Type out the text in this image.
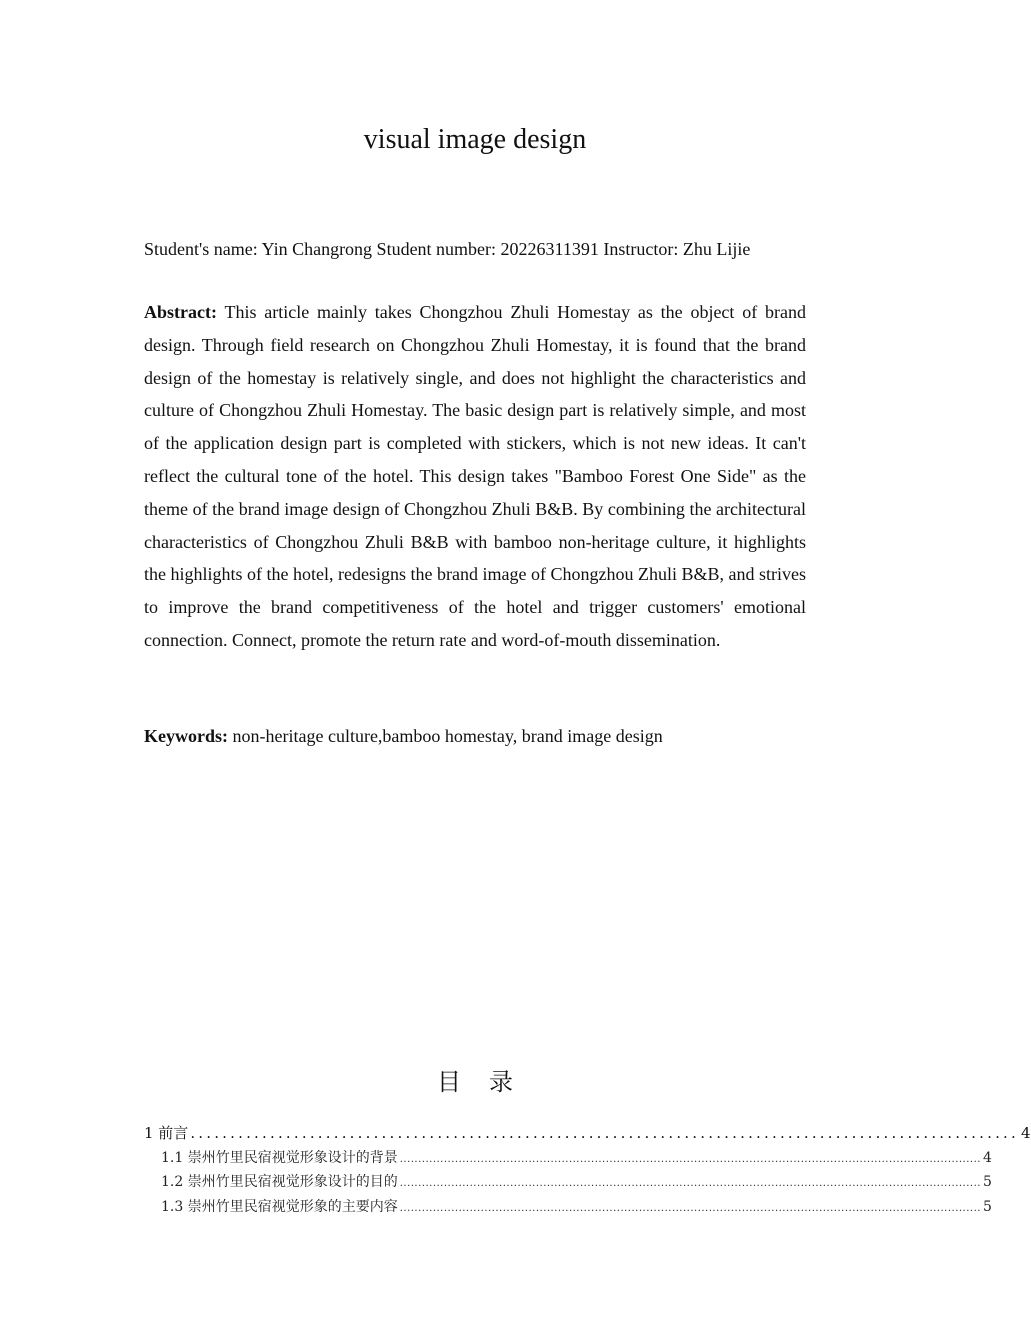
visual image design
Student's name: Yin Changrong Student number: 20226311391 Instructor: Zhu Lijie

Abstract: This article mainly takes Chongzhou Zhuli Homestay as the object of brand design. Through field research on Chongzhou Zhuli Homestay, it is found that the brand design of the homestay is relatively single, and does not highlight the characteristics and culture of Chongzhou Zhuli Homestay. The basic design part is relatively simple, and most of the application design part is completed with stickers, which is not new ideas. It can't reflect the cultural tone of the hotel. This design takes "Bamboo Forest One Side" as the theme of the brand image design of Chongzhou Zhuli B&B. By combining the architectural characteristics of Chongzhou Zhuli B&B with bamboo non-heritage culture, it highlights the highlights of the hotel, redesigns the brand image of Chongzhou Zhuli B&B, and strives to improve the brand competitiveness of the hotel and trigger customers' emotional connection. Connect, promote the return rate and word-of-mouth dissemination.

Keywords: non-heritage culture,bamboo homestay, brand image design

目 录
1 前言 ........................................................................................................ 4
1.1 崇州竹里民宿视觉形象设计的背景 .............................................................................................................................................................. 4
1.2 崇州竹里民宿视觉形象设计的目的 .............................................................................................................................................................. 5
1.3 崇州竹里民宿视觉形象的主要内容 .............................................................................................................................................................. 5
